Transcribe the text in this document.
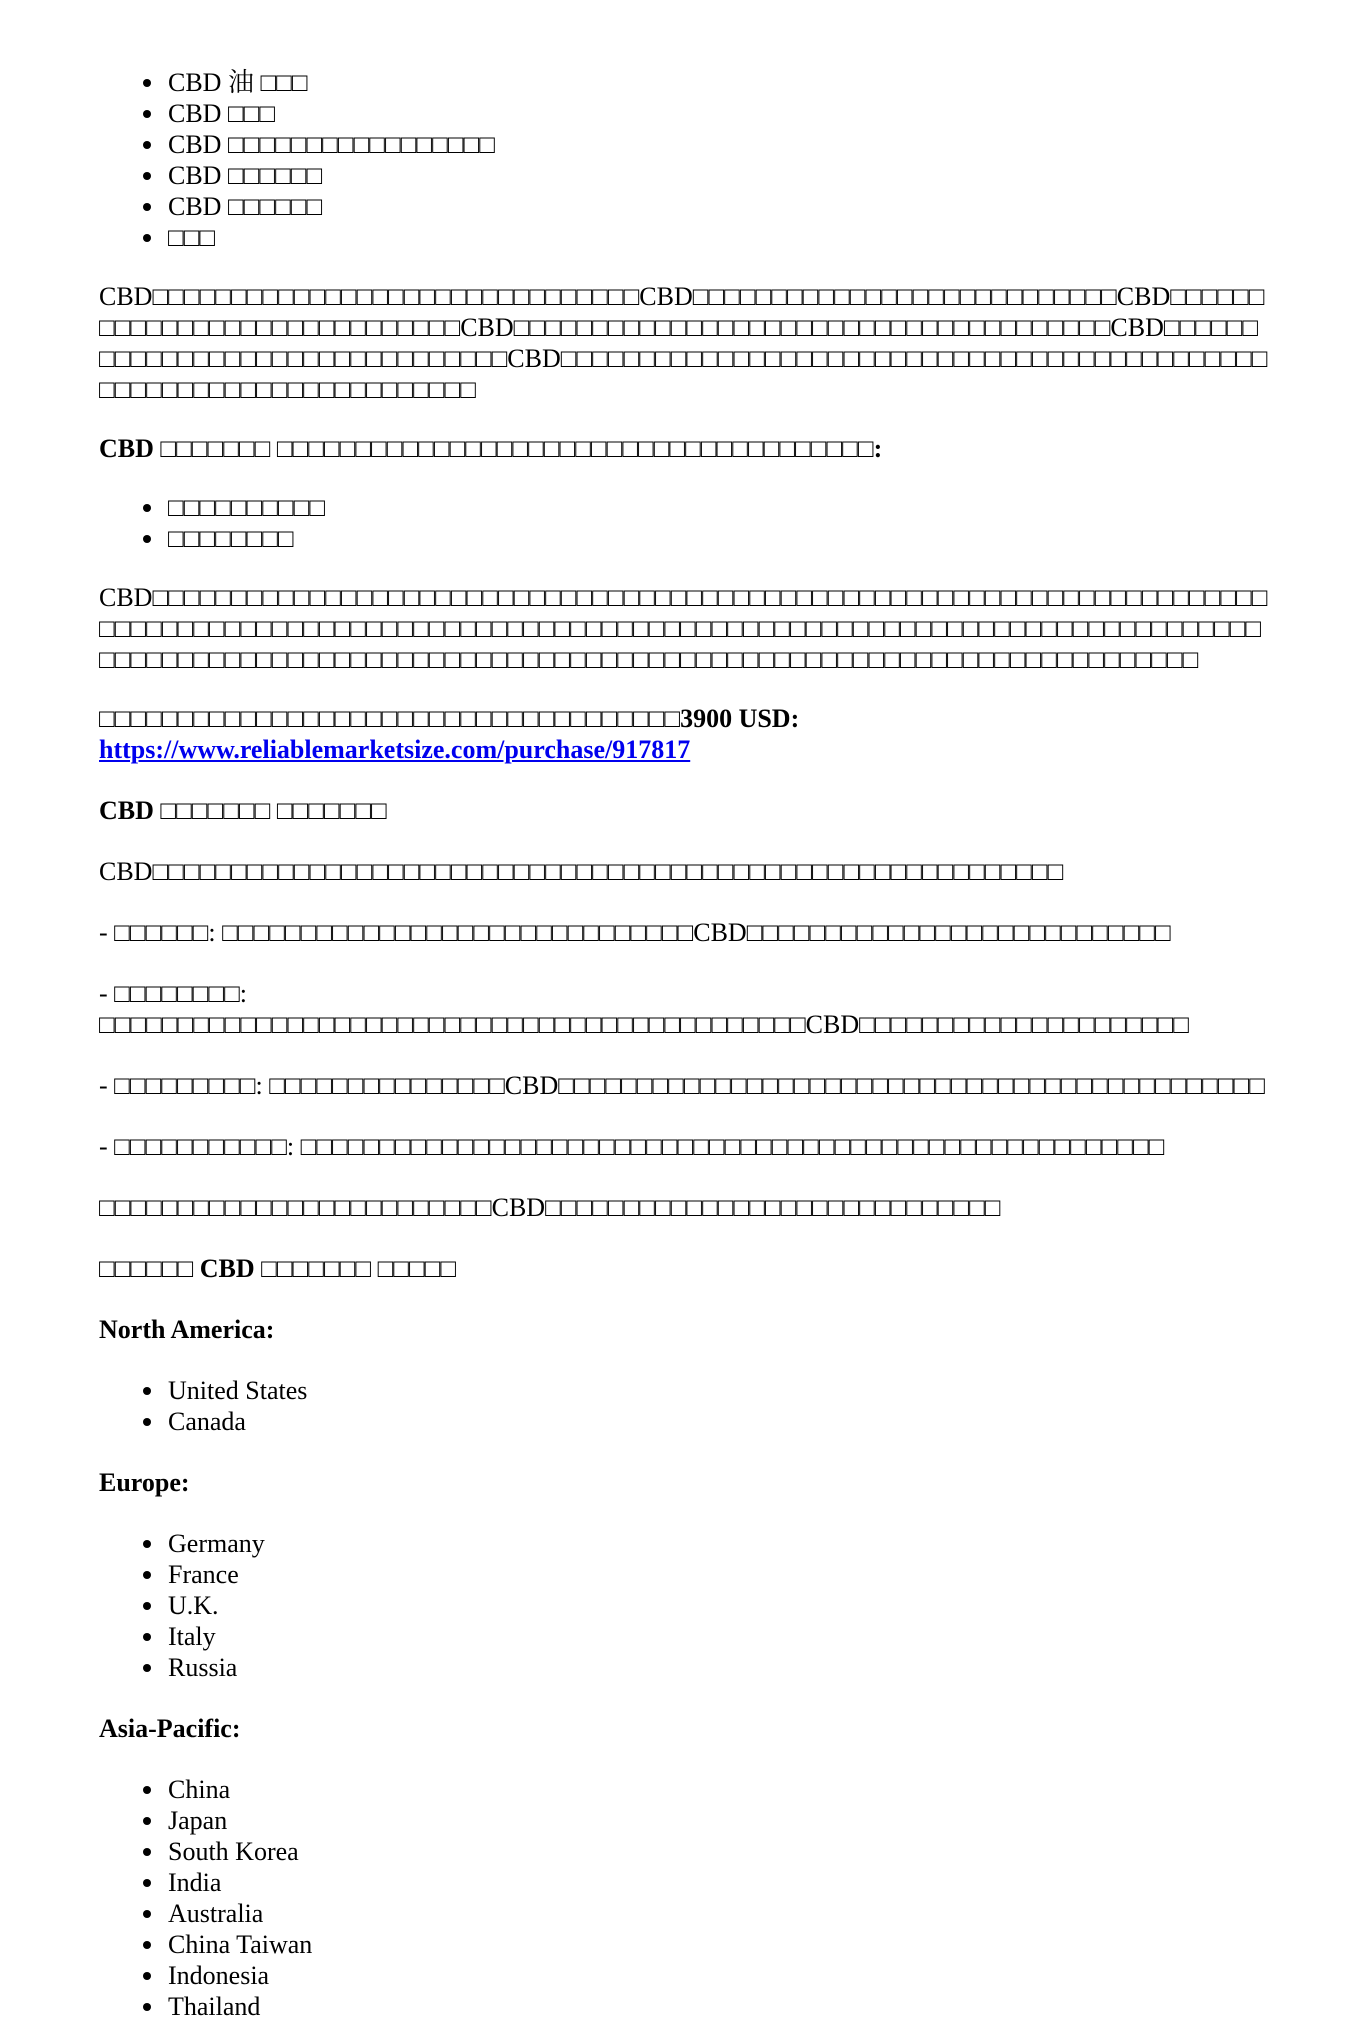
CBD 油 □□□
CBD □□□
CBD □□□□□□□□□□□□□□□□□
CBD □□□□□□
CBD □□□□□□
□□□

CBD□□□□□□□□□□□□□□□□□□□□□□□□□□□□□□□CBD□□□□□□□□□□□□□□□□□□□□□□□□□□□CBD□□□□□□□□□□□□□□□□□□□□□□□□□□□□□CBD□□□□□□□□□□□□□□□□□□□□□□□□□□□□□□□□□□□□□□CBD□□□□□□□□□□□□□□□□□□□□□□□□□□□□□□□□CBD□□□□□□□□□□□□□□□□□□□□□□□□□□□□□□□□□□□□□□□□□□□□□□□□□□□□□□□□□□□□□□□□□□□□□

CBD □□□□□□□ □□□□□□□□□□□□□□□□□□□□□□□□□□□□□□□□□□□□□□:

□□□□□□□□□□
□□□□□□□□

CBD□□□□□□□□□□□□□□□□□□□□□□□□□□□□□□□□□□□□□□□□□□□□□□□□□□□□□□□□□□□□□□□□□□□□□□□□□□□□□□□□□□□□□□□□□□□□□□□□□□□□□□□□□□□□□□□□□□□□□□□□□□□□□□□□□□□□□□□□□□□□□□□□□□□□□□□□□□□□□□□□□□□□□□□□□□□□□□□□□□□□□□□□□□□□□□□□□□□□□□□□□□□□□□□□□□□□□□□

□□□□□□□□□□□□□□□□□□□□□□□□□□□□□□□□□□□□□3900 USD: https://www.reliablemarketsize.com/purchase/917817

CBD □□□□□□□ □□□□□□□

CBD□□□□□□□□□□□□□□□□□□□□□□□□□□□□□□□□□□□□□□□□□□□□□□□□□□□□□□□□□□

- □□□□□□: □□□□□□□□□□□□□□□□□□□□□□□□□□□□□□CBD□□□□□□□□□□□□□□□□□□□□□□□□□□□

- □□□□□□□□: □□□□□□□□□□□□□□□□□□□□□□□□□□□□□□□□□□□□□□□□□□□□□CBD□□□□□□□□□□□□□□□□□□□□□

- □□□□□□□□□: □□□□□□□□□□□□□□□CBD□□□□□□□□□□□□□□□□□□□□□□□□□□□□□□□□□□□□□□□□□□□□□

- □□□□□□□□□□□: □□□□□□□□□□□□□□□□□□□□□□□□□□□□□□□□□□□□□□□□□□□□□□□□□□□□□□□

□□□□□□□□□□□□□□□□□□□□□□□□□CBD□□□□□□□□□□□□□□□□□□□□□□□□□□□□□

□□□□□□ CBD □□□□□□□ □□□□□

North America:

United States
Canada

Europe:

Germany
France
U.K.
Italy
Russia

Asia-Pacific:

China
Japan
South Korea
India
Australia
China Taiwan
Indonesia
Thailand
